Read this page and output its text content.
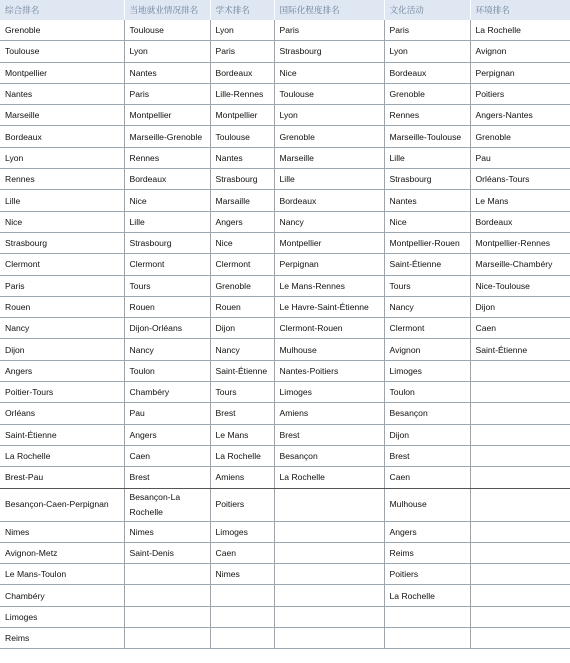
综合排名	当地就业情况排名	学术排名	国际化程度排名	文化活动	环境排名
Grenoble	Toulouse	Lyon	Paris	Paris	La Rochelle
Toulouse	Lyon	Paris	Strasbourg	Lyon	Avignon
Montpellier	Nantes	Bordeaux	Nice	Bordeaux	Perpignan
Nantes	Paris	Lille-Rennes	Toulouse	Grenoble	Poitiers
Marseille	Montpellier	Montpellier	Lyon	Rennes	Angers-Nantes
Bordeaux	Marseille-Grenoble	Toulouse	Grenoble	Marseille-Toulouse	Grenoble
Lyon	Rennes	Nantes	Marseille	Lille	Pau
Rennes	Bordeaux	Strasbourg	Lille	Strasbourg	Orléans-Tours
Lille	Nice	Marsaille	Bordeaux	Nantes	Le Mans
Nice	Lille	Angers	Nancy	Nice	Bordeaux
Strasbourg	Strasbourg	Nice	Montpellier	Montpellier-Rouen	Montpellier-Rennes
Clermont	Clermont	Clermont	Perpignan	Saint-Étienne	Marseille-Chambéry
Paris	Tours	Grenoble	Le Mans-Rennes	Tours	Nice-Toulouse
Rouen	Rouen	Rouen	Le Havre-Saint-Étienne	Nancy	Dijon
Nancy	Dijon-Orléans	Dijon	Clermont-Rouen	Clermont	Caen
Dijon	Nancy	Nancy	Mulhouse	Avignon	Saint-Étienne
Angers	Toulon	Saint-Étienne	Nantes-Poitiers	Limoges	
Poitier-Tours	Chambéry	Tours	Limoges	Toulon	
Orléans	Pau	Brest	Amiens	Besançon	
Saint-Étienne	Angers	Le Mans	Brest	Dijon	
La Rochelle	Caen	La Rochelle	Besançon	Brest	
Brest-Pau	Brest	Amiens	La Rochelle	Caen	
Besançon-Caen-Perpignan	Besançon-La Rochelle	Poitiers		Mulhouse	
Nimes	Nimes	Limoges		Angers	
Avignon-Metz	Saint-Denis	Caen		Reims	
Le Mans-Toulon		Nimes		Poitiers	
Chambéry				La Rochelle	
Limoges					
Reims					
